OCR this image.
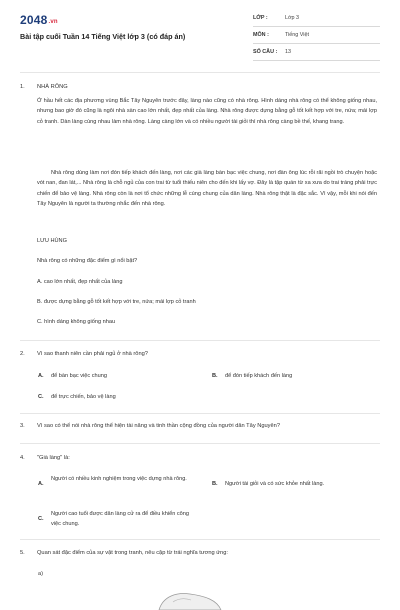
2048.vn
Bài tập cuối Tuần 14 Tiếng Việt lớp 3 (có đáp án)
LỚP :	Lớp 3
MÔN :	Tiếng Việt
SỐ CÂU : 13
1.	NHÀ RÔNG
Ở hầu hết các địa phương vùng Bắc Tây Nguyên trước đây, làng nào cũng có nhà rông. Hình dáng nhà rông có thể không giống nhau, nhưng bao giờ đó cũng là ngôi nhà sàn cao lớn nhất, đẹp nhất của làng. Nhà rông được dựng bằng gỗ tốt kết hợp với tre, nứa; mái lợp cỏ tranh. Dàn làng cùng nhau làm nhà rông. Làng càng lớn và có nhiều người tài giỏi thì nhà rông càng bề thế, khang trang.
Nhà rông dùng làm nơi đón tiếp khách đến làng, nơi các già làng bàn bạc việc chung, nơi đàn ông lúc rỗi rãi ngồi trò chuyện hoặc vót nan, đan lát,... Nhà rông là chỗ ngủ của con trai từ tuổi thiếu niên cho đến khi lấy vợ. Đây là tập quán từ xa xưa do trai tráng phải trực chiến để bảo vệ làng. Nhà rông còn là nơi tổ chức những lễ cúng chung của dân làng. Nhà rông thật là đặc sắc. Vì vậy, mỗi khi nói đến Tây Nguyên là người ta thường nhắc đến nhà rông.
LƯU HÙNG
Nhà rông có những đặc điểm gì nổi bật?
A. cao lớn nhất, đẹp nhất của làng
B. được dựng bằng gỗ tốt kết hợp với tre, nứa; mái lợp cỏ tranh
C. hình dáng không giống nhau
2.	Vì sao thanh niên cần phải ngủ ở nhà rông?
A. để bàn bạc việc chung	B. để đón tiếp khách đến làng
C. để trực chiến, bảo vệ làng
3.	Vì sao có thể nói nhà rông thể hiện tài năng và tinh thần cộng đồng của người dân Tây Nguyên?
4.	"Già làng" là:
A.
Người có nhiều kinh nghiệm trong việc dựng nhà rông.
B. Người tài giỏi và có sức khỏe nhất làng.
C.
Người cao tuổi được dân làng cử ra để điều khiển công việc chung.
5.	Quan sát đặc điểm của sự vật trong tranh, nêu cặp từ trái nghĩa tương ứng:
a)
